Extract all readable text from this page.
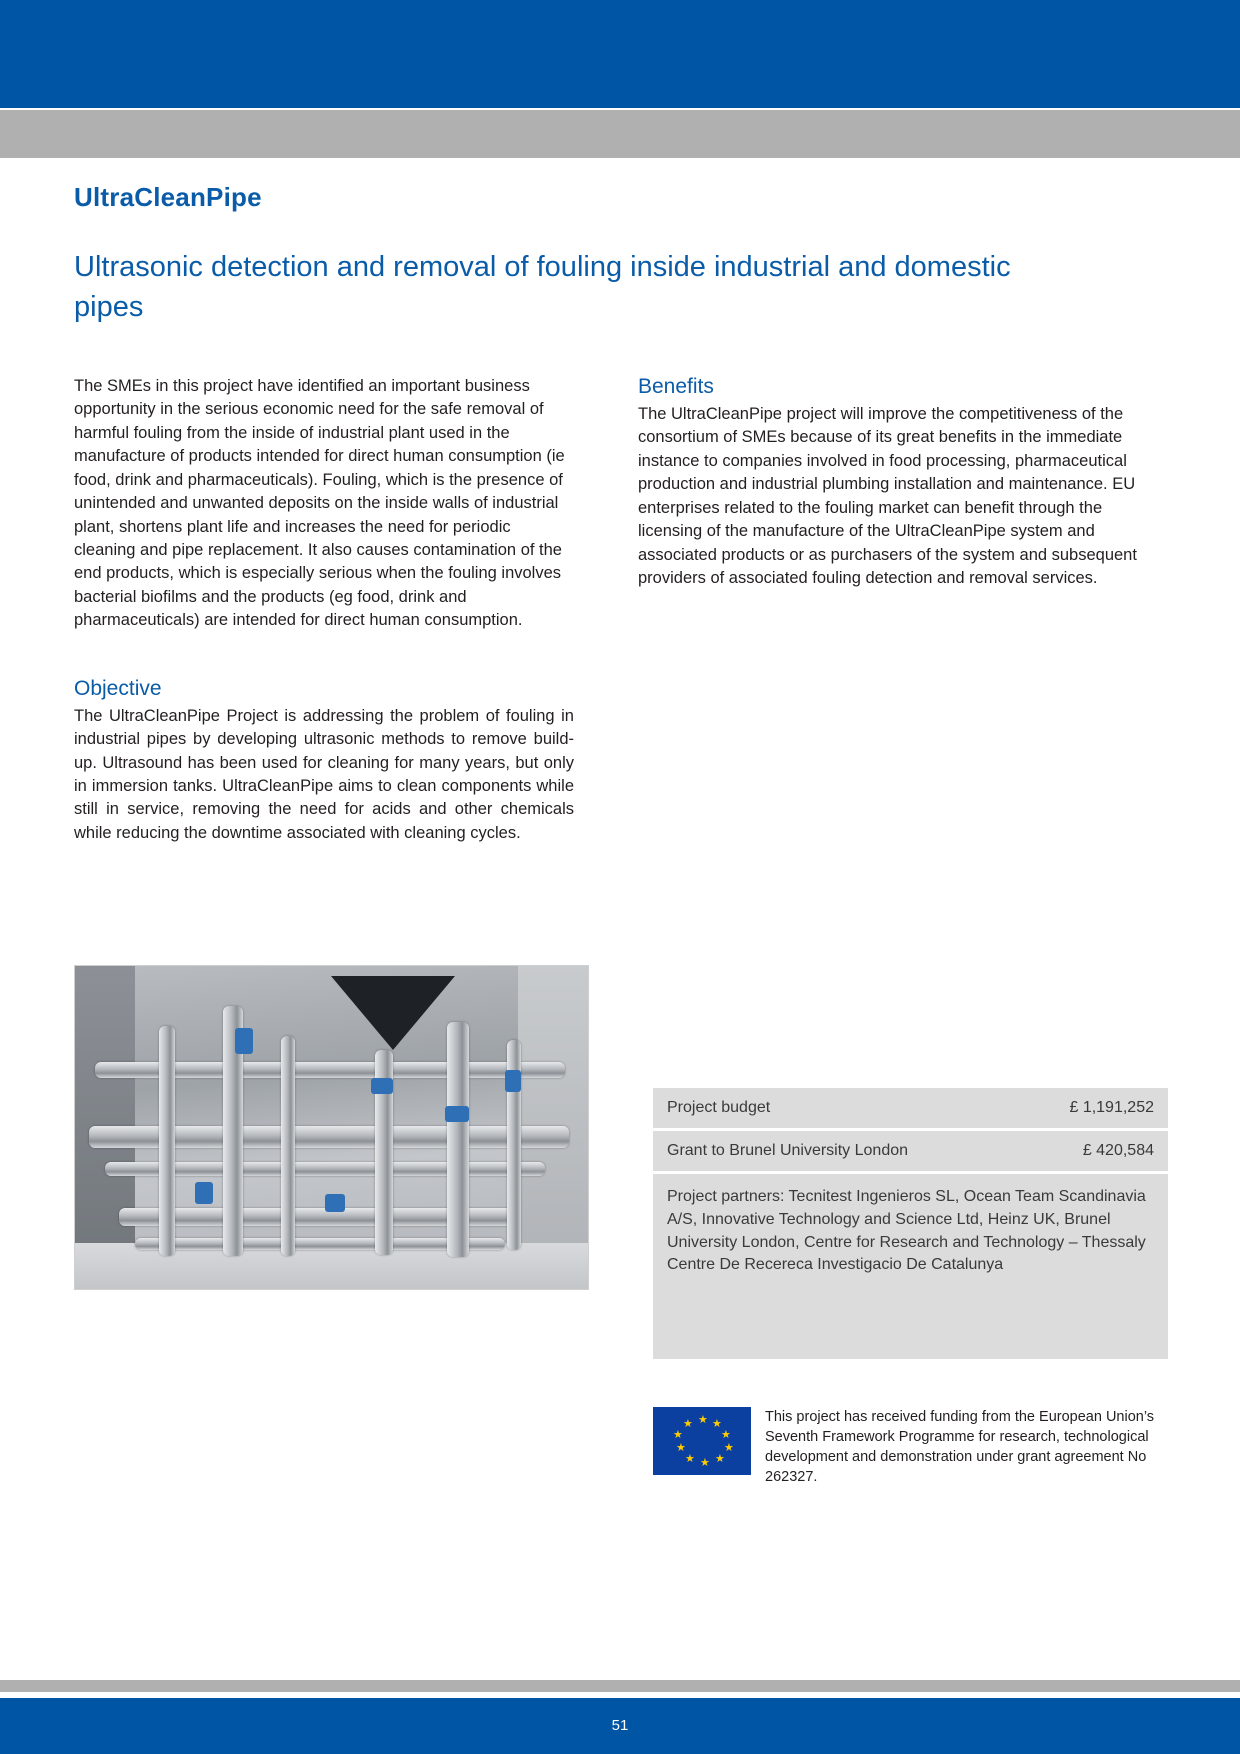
UltraCleanPipe
Ultrasonic detection and removal of fouling inside industrial and domestic pipes

The SMEs in this project have identified an important business opportunity in the serious economic need for the safe removal of harmful fouling from the inside of industrial plant used in the manufacture of products intended for direct human consumption (ie food, drink and pharmaceuticals). Fouling, which is the presence of unintended and unwanted deposits on the inside walls of industrial plant, shortens plant life and increases the need for periodic cleaning and pipe replacement. It also causes contamination of the end products, which is especially serious when the fouling involves bacterial biofilms and the products (eg food, drink and pharmaceuticals) are intended for direct human consumption.

Objective

The UltraCleanPipe Project is addressing the problem of fouling in industrial pipes by developing ultrasonic methods to remove build-up. Ultrasound has been used for cleaning for many years, but only in immersion tanks. UltraCleanPipe aims to clean components while still in service, removing the need for acids and other chemicals while reducing the downtime associated with cleaning cycles.

Benefits

The UltraCleanPipe project will improve the competitiveness of the consortium of SMEs because of its great benefits in the immediate instance to companies involved in food processing, pharmaceutical production and industrial plumbing installation and maintenance. EU enterprises related to the fouling market can benefit through the licensing of the manufacture of the UltraCleanPipe system and associated products or as purchasers of the system and subsequent providers of associated fouling detection and removal services.

Project budget	£ 1,191,252
Grant to Brunel University London	£ 420,584
Project partners: Tecnitest Ingenieros SL, Ocean Team Scandinavia A/S, Innovative Technology and Science Ltd, Heinz UK, Brunel University London, Centre for Research and Technology – Thessaly Centre De Recereca Investigacio De Catalunya
★ ★
★
★
★
★
★
★
★
★	This project has received funding from the European Union’s Seventh Framework Programme for research, technological development and demonstration under grant agreement No 262327.
51
